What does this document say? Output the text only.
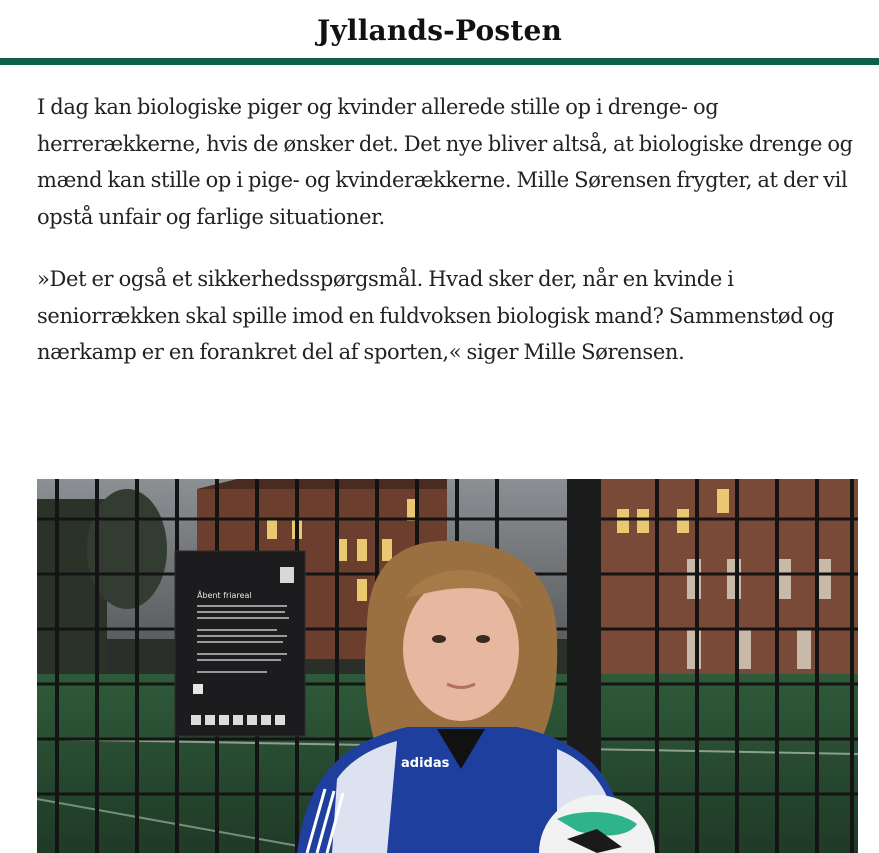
Jyllands-Posten

I dag kan biologiske piger og kvinder allerede stille op i drenge- og herrerækkerne, hvis de ønsker det. Det nye bliver altså, at biologiske drenge og mænd kan stille op i pige- og kvinderækkerne. Mille Sørensen frygter, at der vil opstå unfair og farlige situationer.

»Det er også et sikkerhedsspørgsmål. Hvad sker der, når en kvinde i seniorrækken skal spille imod en fuldvoksen biologisk mand? Sammenstød og nærkamp er en forankret del af sporten,« siger Mille Sørensen.

Åbent friareal
adidas
